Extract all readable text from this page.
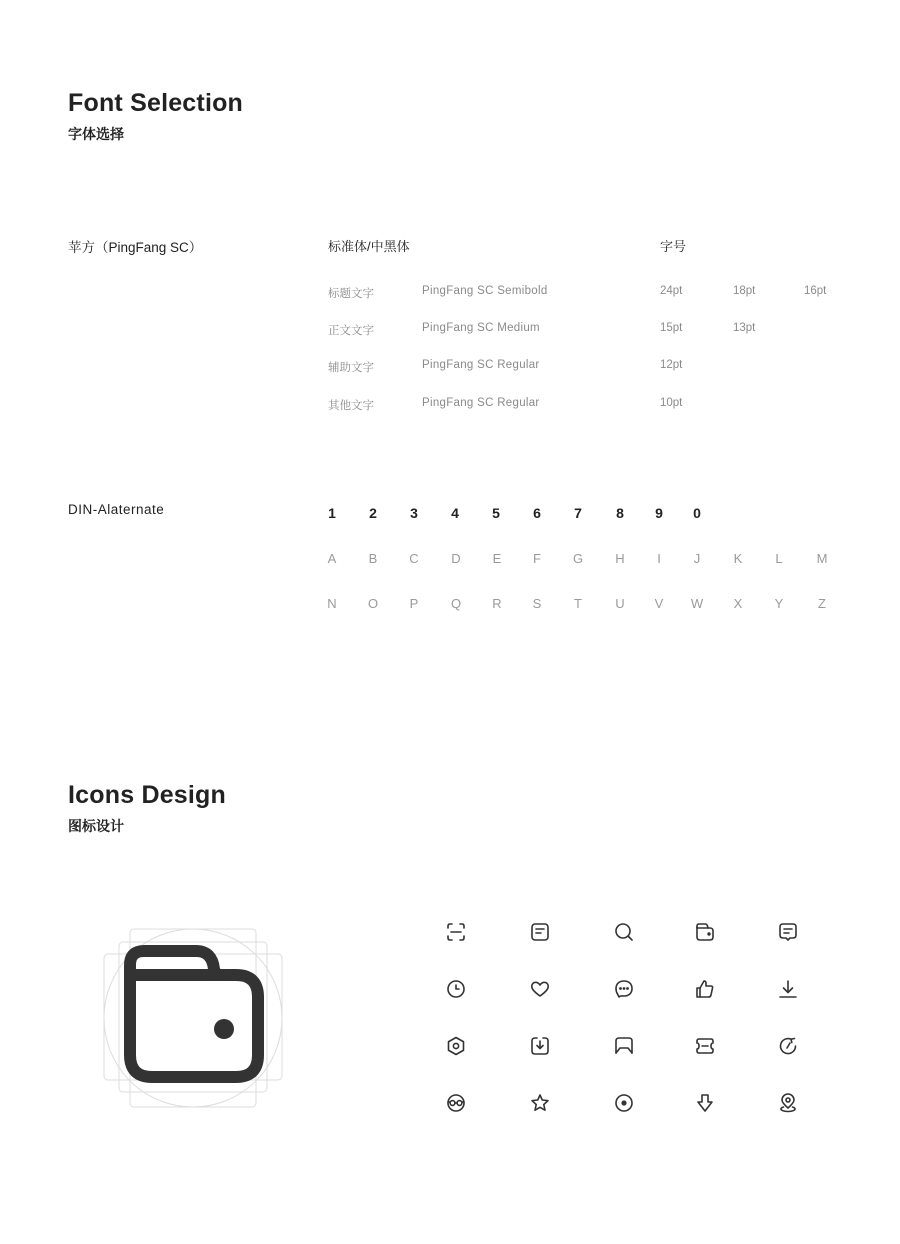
Font Selection
字体选择
苹方（PingFang SC）	标准体/中黑体	字号
标题文字	PingFang SC Semibold	24pt	18pt	16pt
正文文字	PingFang SC Medium	15pt	13pt
辅助文字	PingFang SC Regular	12pt
其他文字	PingFang SC Regular	10pt
DIN-Alaternate	1	2	3	4	5	6	7	8	9	0
A	B	C	D	E	F	G	H	I	J	K	L	M
N	O	P	Q	R	S	T	U	V	W	X	Y	Z
Icons Design
图标设计
